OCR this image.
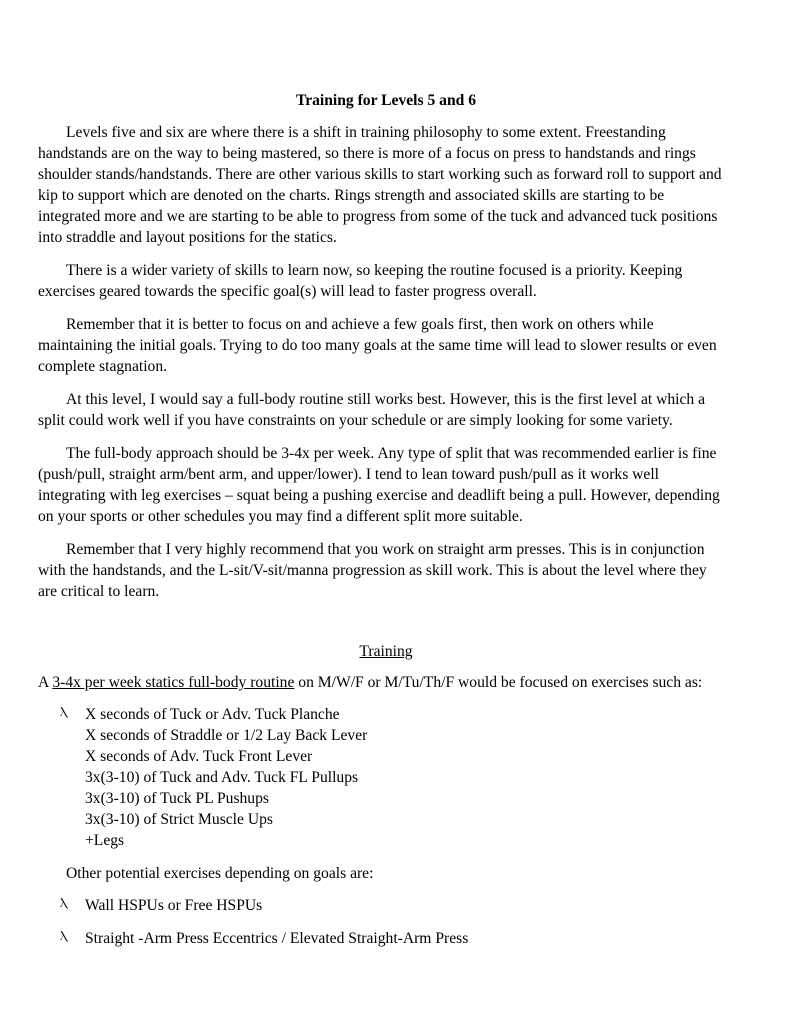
Training for Levels 5 and 6

Levels five and six are where there is a shift in training philosophy to some extent. Freestanding handstands are on the way to being mastered, so there is more of a focus on press to handstands and rings shoulder stands/handstands. There are other various skills to start working such as forward roll to support and kip to support which are denoted on the charts. Rings strength and associated skills are starting to be integrated more and we are starting to be able to progress from some of the tuck and advanced tuck positions into straddle and layout positions for the statics.

There is a wider variety of skills to learn now, so keeping the routine focused is a priority. Keeping exercises geared towards the specific goal(s) will lead to faster progress overall.

Remember that it is better to focus on and achieve a few goals first, then work on others while maintaining the initial goals. Trying to do too many goals at the same time will lead to slower results or even complete stagnation.

At this level, I would say a full-body routine still works best. However, this is the first level at which a split could work well if you have constraints on your schedule or are simply looking for some variety.

The full-body approach should be 3-4x per week. Any type of split that was recommended earlier is fine (push/pull, straight arm/bent arm, and upper/lower). I tend to lean toward push/pull as it works well integrating with leg exercises – squat being a pushing exercise and deadlift being a pull. However, depending on your sports or other schedules you may find a different split more suitable.

Remember that I very highly recommend that you work on straight arm presses. This is in conjunction with the handstands, and the L-sit/V-sit/manna progression as skill work. This is about the level where they are critical to learn.

Training
A 3-4x per week statics full-body routine on M/W/F or M/Tu/Th/F would be focused on exercises such as:
Ⲗ X seconds of Tuck or Adv. Tuck Planche
X seconds of Straddle or 1/2 Lay Back Lever
X seconds of Adv. Tuck Front Lever
3x(3-10) of Tuck and Adv. Tuck FL Pullups
3x(3-10) of Tuck PL Pushups
3x(3-10) of Strict Muscle Ups
+Legs
Other potential exercises depending on goals are:
Ⲗ Wall HSPUs or Free HSPUs
Ⲗ Straight -Arm Press Eccentrics / Elevated Straight-Arm Press
